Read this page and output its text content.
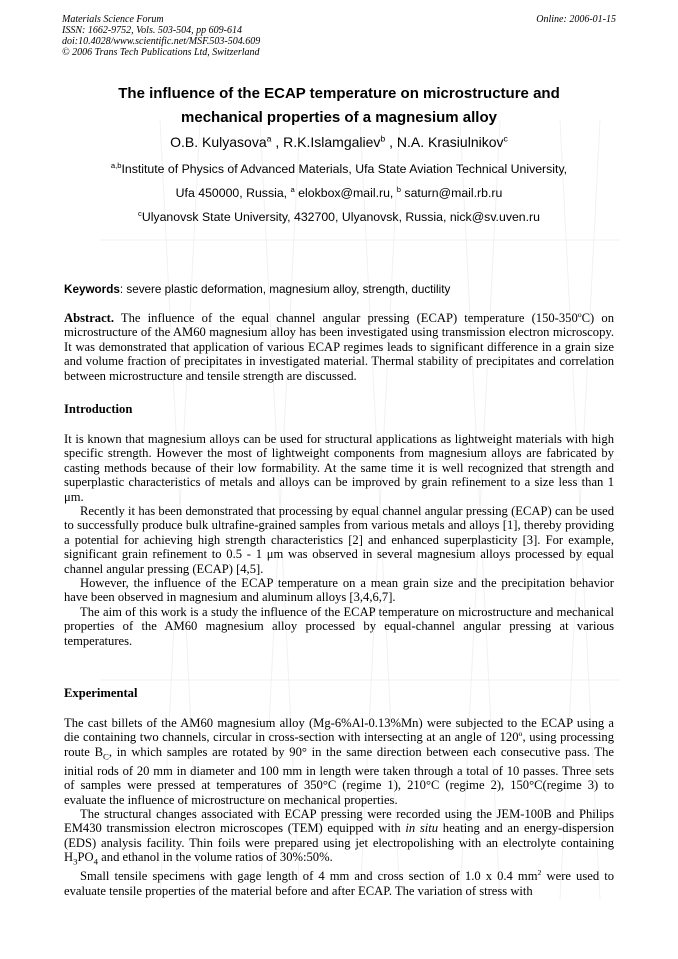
Materials Science Forum
ISSN: 1662-9752, Vols. 503-504, pp 609-614
doi:10.4028/www.scientific.net/MSF.503-504.609
© 2006 Trans Tech Publications Ltd, Switzerland
Online: 2006-01-15
The influence of the ECAP temperature on microstructure and
mechanical properties of a magnesium alloy
O.B. Kulyasova$^a$ , R.K.Islamgaliev$^b$ , N.A. Krasiulnikov$^c$
$^{a,b}$Institute of Physics of Advanced Materials, Ufa State Aviation Technical University,
Ufa 450000, Russia, $^a$ elokbox@mail.ru, $^b$ saturn@mail.rb.ru
$^c$Ulyanovsk State University, 432700, Ulyanovsk, Russia, nick@sv.uven.ru
Keywords: severe plastic deformation, magnesium alloy, strength, ductility

Abstract. The influence of the equal channel angular pressing (ECAP) temperature (150-350$^o$C) on microstructure of the AM60 magnesium alloy has been investigated using transmission electron microscopy. It was demonstrated that application of various ECAP regimes leads to significant difference in a grain size and volume fraction of precipitates in investigated material. Thermal stability of precipitates and correlation between microstructure and tensile strength are discussed.

Introduction

It is known that magnesium alloys can be used for structural applications as lightweight materials with high specific strength. However the most of lightweight components from magnesium alloys are fabricated by casting methods because of their low formability. At the same time it is well recognized that strength and superplastic characteristics of metals and alloys can be improved by grain refinement to a size less than 1 μm.

Recently it has been demonstrated that processing by equal channel angular pressing (ECAP) can be used to successfully produce bulk ultrafine-grained samples from various metals and alloys [1], thereby providing a potential for achieving high strength characteristics [2] and enhanced superplasticity [3]. For example, significant grain refinement to 0.5 - 1 μm was observed in several magnesium alloys processed by equal channel angular pressing (ECAP) [4,5].

However, the influence of the ECAP temperature on a mean grain size and the precipitation behavior have been observed in magnesium and aluminum alloys [3,4,6,7].

The aim of this work is a study the influence of the ECAP temperature on microstructure and mechanical properties of the AM60 magnesium alloy processed by equal-channel angular pressing at various temperatures.

Experimental

The cast billets of the AM60 magnesium alloy (Mg-6%Al-0.13%Mn) were subjected to the ECAP using a die containing two channels, circular in cross-section with intersecting at an angle of 120$^o$, using processing route $B_C$, in which samples are rotated by 90° in the same direction between each consecutive pass. The initial rods of 20 mm in diameter and 100 mm in length were taken through a total of 10 passes. Three sets of samples were pressed at temperatures of 350°C (regime 1), 210°C (regime 2), 150°C(regime 3) to evaluate the influence of microstructure on mechanical properties.

The structural changes associated with ECAP pressing were recorded using the JEM-100B and Philips EM430 transmission electron microscopes (TEM) equipped with in situ heating and an energy-dispersion (EDS) analysis facility. Thin foils were prepared using jet electropolishing with an electrolyte containing $H_3PO_4$ and ethanol in the volume ratios of 30%:50%.

Small tensile specimens with gage length of 4 mm and cross section of 1.0 x 0.4 $mm^2$ were used to evaluate tensile properties of the material before and after ECAP. The variation of stress with
